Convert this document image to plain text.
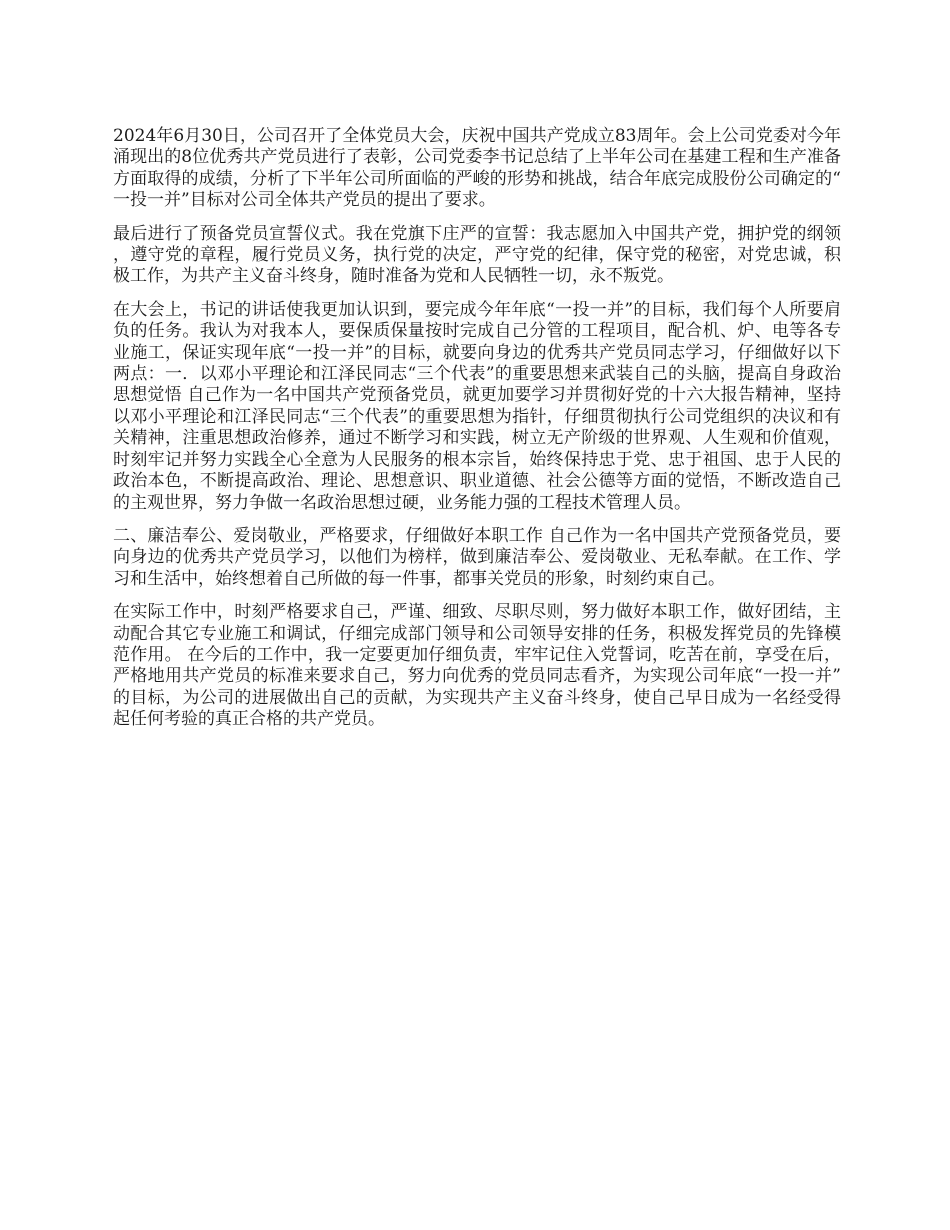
2024年6月30日，公司召开了全体党员大会，庆祝中国共产党成立83周年。会上公司党委对今年涌现出的8位优秀共产党员进行了表彰，公司党委李书记总结了上半年公司在基建工程和生产准备方面取得的成绩，分析了下半年公司所面临的严峻的形势和挑战，结合年底完成股份公司确定的“一投一并”目标对公司全体共产党员的提出了要求。

最后进行了预备党员宣誓仪式。我在党旗下庄严的宣誓：我志愿加入中国共产党，拥护党的纲领，遵守党的章程，履行党员义务，执行党的决定，严守党的纪律，保守党的秘密，对党忠诚，积极工作，为共产主义奋斗终身，随时准备为党和人民牺牲一切，永不叛党。

在大会上，书记的讲话使我更加认识到，要完成今年年底“一投一并”的目标，我们每个人所要肩负的任务。我认为对我本人，要保质保量按时完成自己分管的工程项目，配合机、炉、电等各专业施工，保证实现年底“一投一并”的目标，就要向身边的优秀共产党员同志学习，仔细做好以下两点：一．以邓小平理论和江泽民同志“三个代表”的重要思想来武装自己的头脑，提高自身政治思想觉悟 自己作为一名中国共产党预备党员，就更加要学习并贯彻好党的十六大报告精神，坚持以邓小平理论和江泽民同志“三个代表”的重要思想为指针，仔细贯彻执行公司党组织的决议和有关精神，注重思想政治修养，通过不断学习和实践，树立无产阶级的世界观、人生观和价值观，时刻牢记并努力实践全心全意为人民服务的根本宗旨，始终保持忠于党、忠于祖国、忠于人民的政治本色，不断提高政治、理论、思想意识、职业道德、社会公德等方面的觉悟，不断改造自己的主观世界，努力争做一名政治思想过硬，业务能力强的工程技术管理人员。

二、廉洁奉公、爱岗敬业，严格要求，仔细做好本职工作 自己作为一名中国共产党预备党员，要向身边的优秀共产党员学习，以他们为榜样，做到廉洁奉公、爱岗敬业、无私奉献。在工作、学习和生活中，始终想着自己所做的每一件事，都事关党员的形象，时刻约束自己。

在实际工作中，时刻严格要求自己，严谨、细致、尽职尽则，努力做好本职工作，做好团结，主动配合其它专业施工和调试，仔细完成部门领导和公司领导安排的任务，积极发挥党员的先锋模范作用。 在今后的工作中，我一定要更加仔细负责，牢牢记住入党誓词，吃苦在前，享受在后，严格地用共产党员的标准来要求自己，努力向优秀的党员同志看齐，为实现公司年底“一投一并”的目标，为公司的进展做出自己的贡献，为实现共产主义奋斗终身，使自己早日成为一名经受得起任何考验的真正合格的共产党员。
